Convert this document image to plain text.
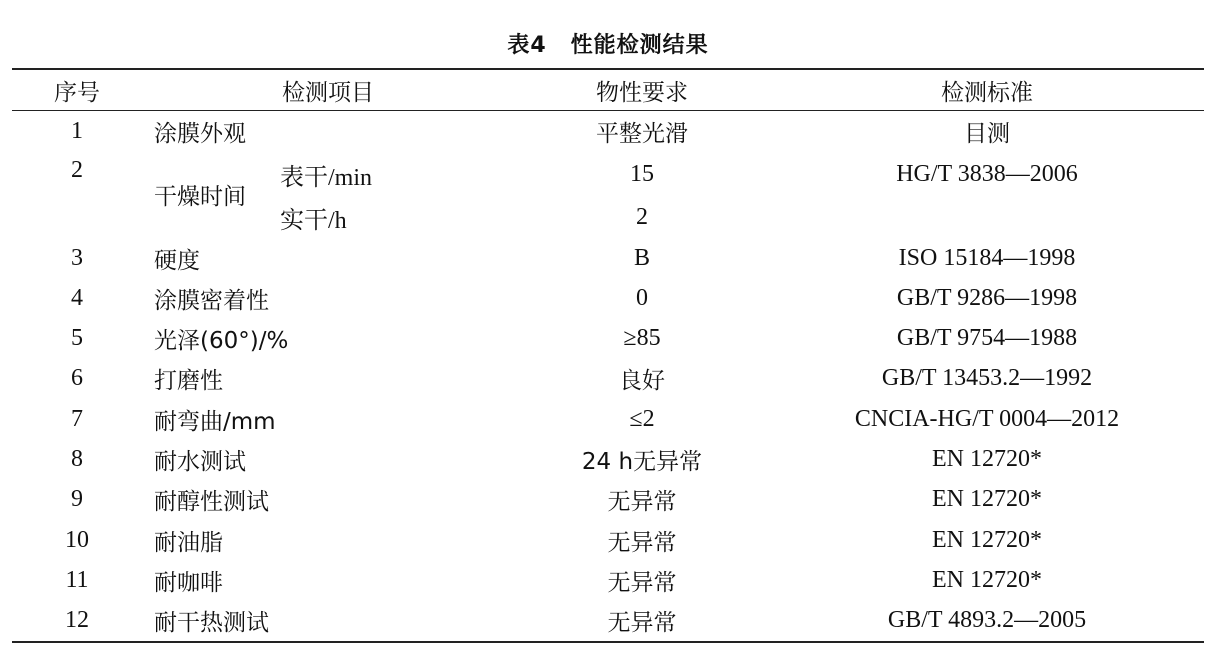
表4 性能检测结果
序号	检测项目		物性要求	检测标准
1	涂膜外观		平整光滑	目测
2	干燥时间	表干/min	15	HG/T 3838—2006
		实干/h	2	
3	硬度		B	ISO 15184—1998
4	涂膜密着性		0	GB/T 9286—1998
5	光泽(60°)/%		≥85	GB/T 9754—1988
6	打磨性		良好	GB/T 13453.2—1992
7	耐弯曲/mm		≤2	CNCIA-HG/T 0004—2012
8	耐水测试		24 h无异常	EN 12720*
9	耐醇性测试		无异常	EN 12720*
10	耐油脂		无异常	EN 12720*
11	耐咖啡		无异常	EN 12720*
12	耐干热测试		无异常	GB/T 4893.2—2005
